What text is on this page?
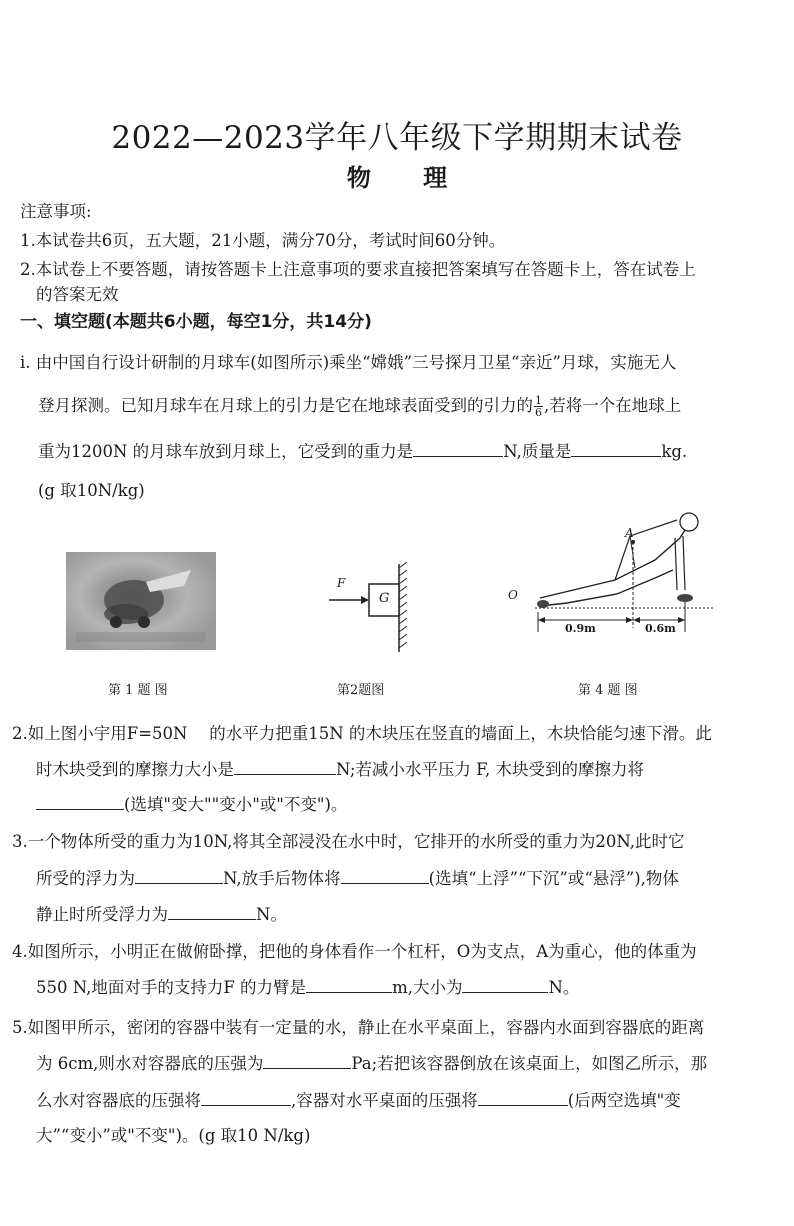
2022—2023学年八年级下学期期末试卷
物 理
注意事项:
1.本试卷共6页，五大题，21小题，满分70分，考试时间60分钟。
2.本试卷上不要答题，请按答题卡上注意事项的要求直接把答案填写在答题卡上，答在试卷上
的答案无效
一、填空题(本题共6小题，每空1分，共14分)
i. 由中国自行设计研制的月球车(如图所示)乘坐“嫦娥”三号探月卫星“亲近”月球，实施无人
登月探测。已知月球车在月球上的引力是它在地球表面受到的引力的 $\frac{1}{6}$ ,若将一个在地球上
重为1200N 的月球车放到月球上，它受到的重力是	N,质量是	kg.
(g 取10N/kg)
第 1 题 图
F
G
第2题图
A
O
0.9m	0.6m
第 4 题 图
2.如上图小宇用F=50N　 的水平力把重15N 的木块压在竖直的墙面上，木块恰能匀速下滑。此
时木块受到的摩擦力大小是	N;若减小水平压力 F, 木块受到的摩擦力将
(选填"变大""变小"或"不变")。
3.一个物体所受的重力为10N,将其全部浸没在水中时，它排开的水所受的重力为20N,此时它
所受的浮力为	N,放手后物体将	(选填“上浮”“下沉”或“悬浮”),物体
静止时所受浮力为	N。
4.如图所示，小明正在做俯卧撑，把他的身体看作一个杠杆，O为支点，A为重心，他的体重为
550 N,地面对手的支持力F 的力臂是	m,大小为	N。
5.如图甲所示，密闭的容器中装有一定量的水，静止在水平桌面上，容器内水面到容器底的距离
为 6cm,则水对容器底的压强为	Pa;若把该容器倒放在该桌面上，如图乙所示，那
么水对容器底的压强将	,容器对水平桌面的压强将	(后两空选填"变
大”“变小”或"不变")。(g 取10 N/kg)
